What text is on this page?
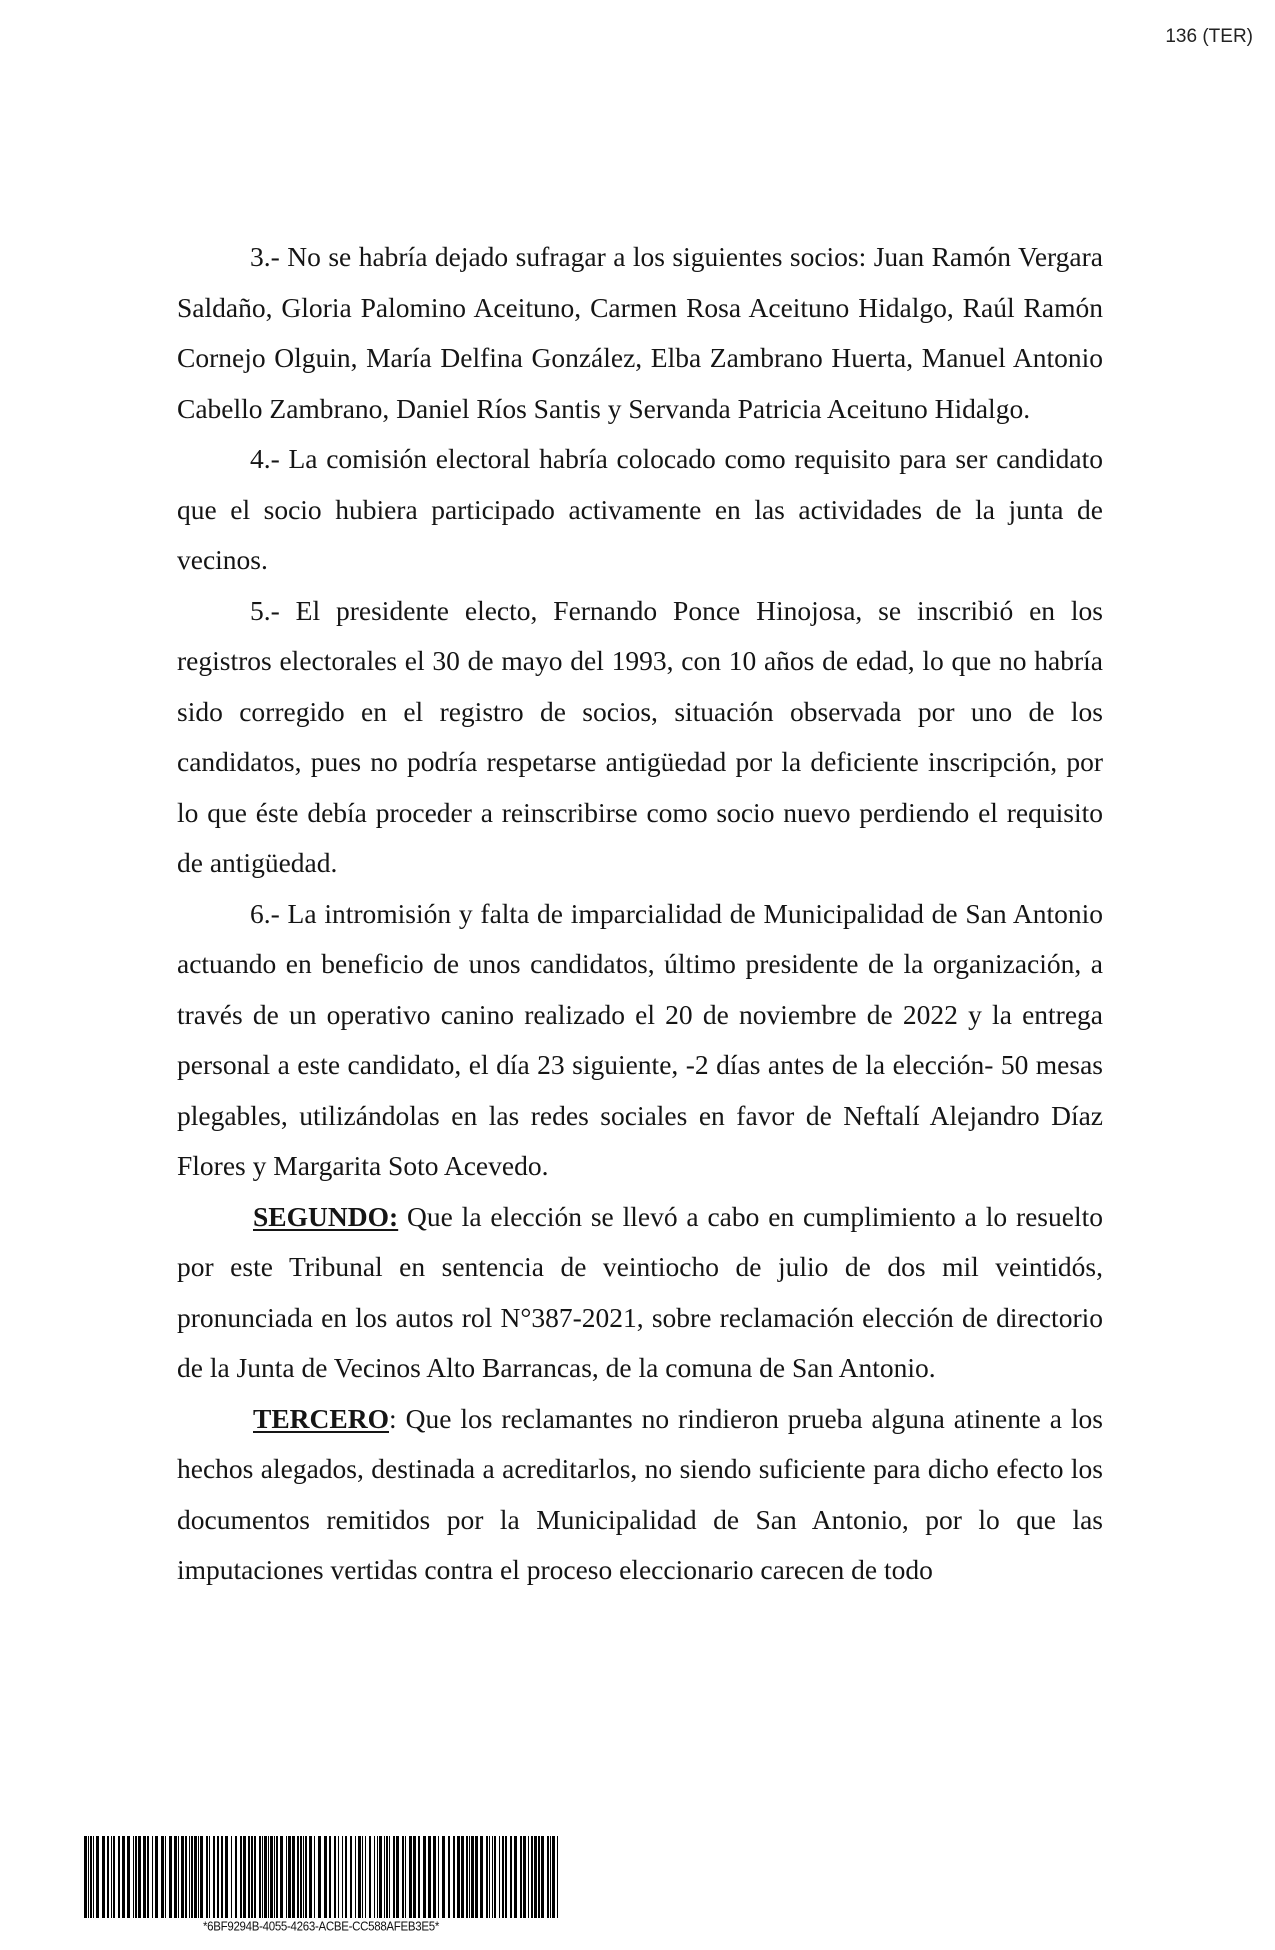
136 (TER)

3.- No se habría dejado sufragar a los siguientes socios: Juan Ramón Vergara Saldaño, Gloria Palomino Aceituno, Carmen Rosa Aceituno Hidalgo, Raúl Ramón Cornejo Olguin, María Delfina González, Elba Zambrano Huerta, Manuel Antonio Cabello Zambrano, Daniel Ríos Santis y Servanda Patricia Aceituno Hidalgo.

4.- La comisión electoral habría colocado como requisito para ser candidato que el socio hubiera participado activamente en las actividades de la junta de vecinos.

5.- El presidente electo, Fernando Ponce Hinojosa, se inscribió en los registros electorales el 30 de mayo del 1993, con 10 años de edad, lo que no habría sido corregido en el registro de socios, situación observada por uno de los candidatos, pues no podría respetarse antigüedad por la deficiente inscripción, por lo que éste debía proceder a reinscribirse como socio nuevo perdiendo el requisito de antigüedad.

6.- La intromisión y falta de imparcialidad de Municipalidad de San Antonio actuando en beneficio de unos candidatos, último presidente de la organización, a través de un operativo canino realizado el 20 de noviembre de 2022 y la entrega personal a este candidato, el día 23 siguiente, -2 días antes de la elección- 50 mesas plegables, utilizándolas en las redes sociales en favor de Neftalí Alejandro Díaz Flores y Margarita Soto Acevedo.

SEGUNDO: Que la elección se llevó a cabo en cumplimiento a lo resuelto por este Tribunal en sentencia de veintiocho de julio de dos mil veintidós, pronunciada en los autos rol N°387-2021, sobre reclamación elección de directorio de la Junta de Vecinos Alto Barrancas, de la comuna de San Antonio.

TERCERO: Que los reclamantes no rindieron prueba alguna atinente a los hechos alegados, destinada a acreditarlos, no siendo suficiente para dicho efecto los documentos remitidos por la Municipalidad de San Antonio, por lo que las imputaciones vertidas contra el proceso eleccionario carecen de todo

*6BF9294B-4055-4263-ACBE-CC588AFEB3E5*
